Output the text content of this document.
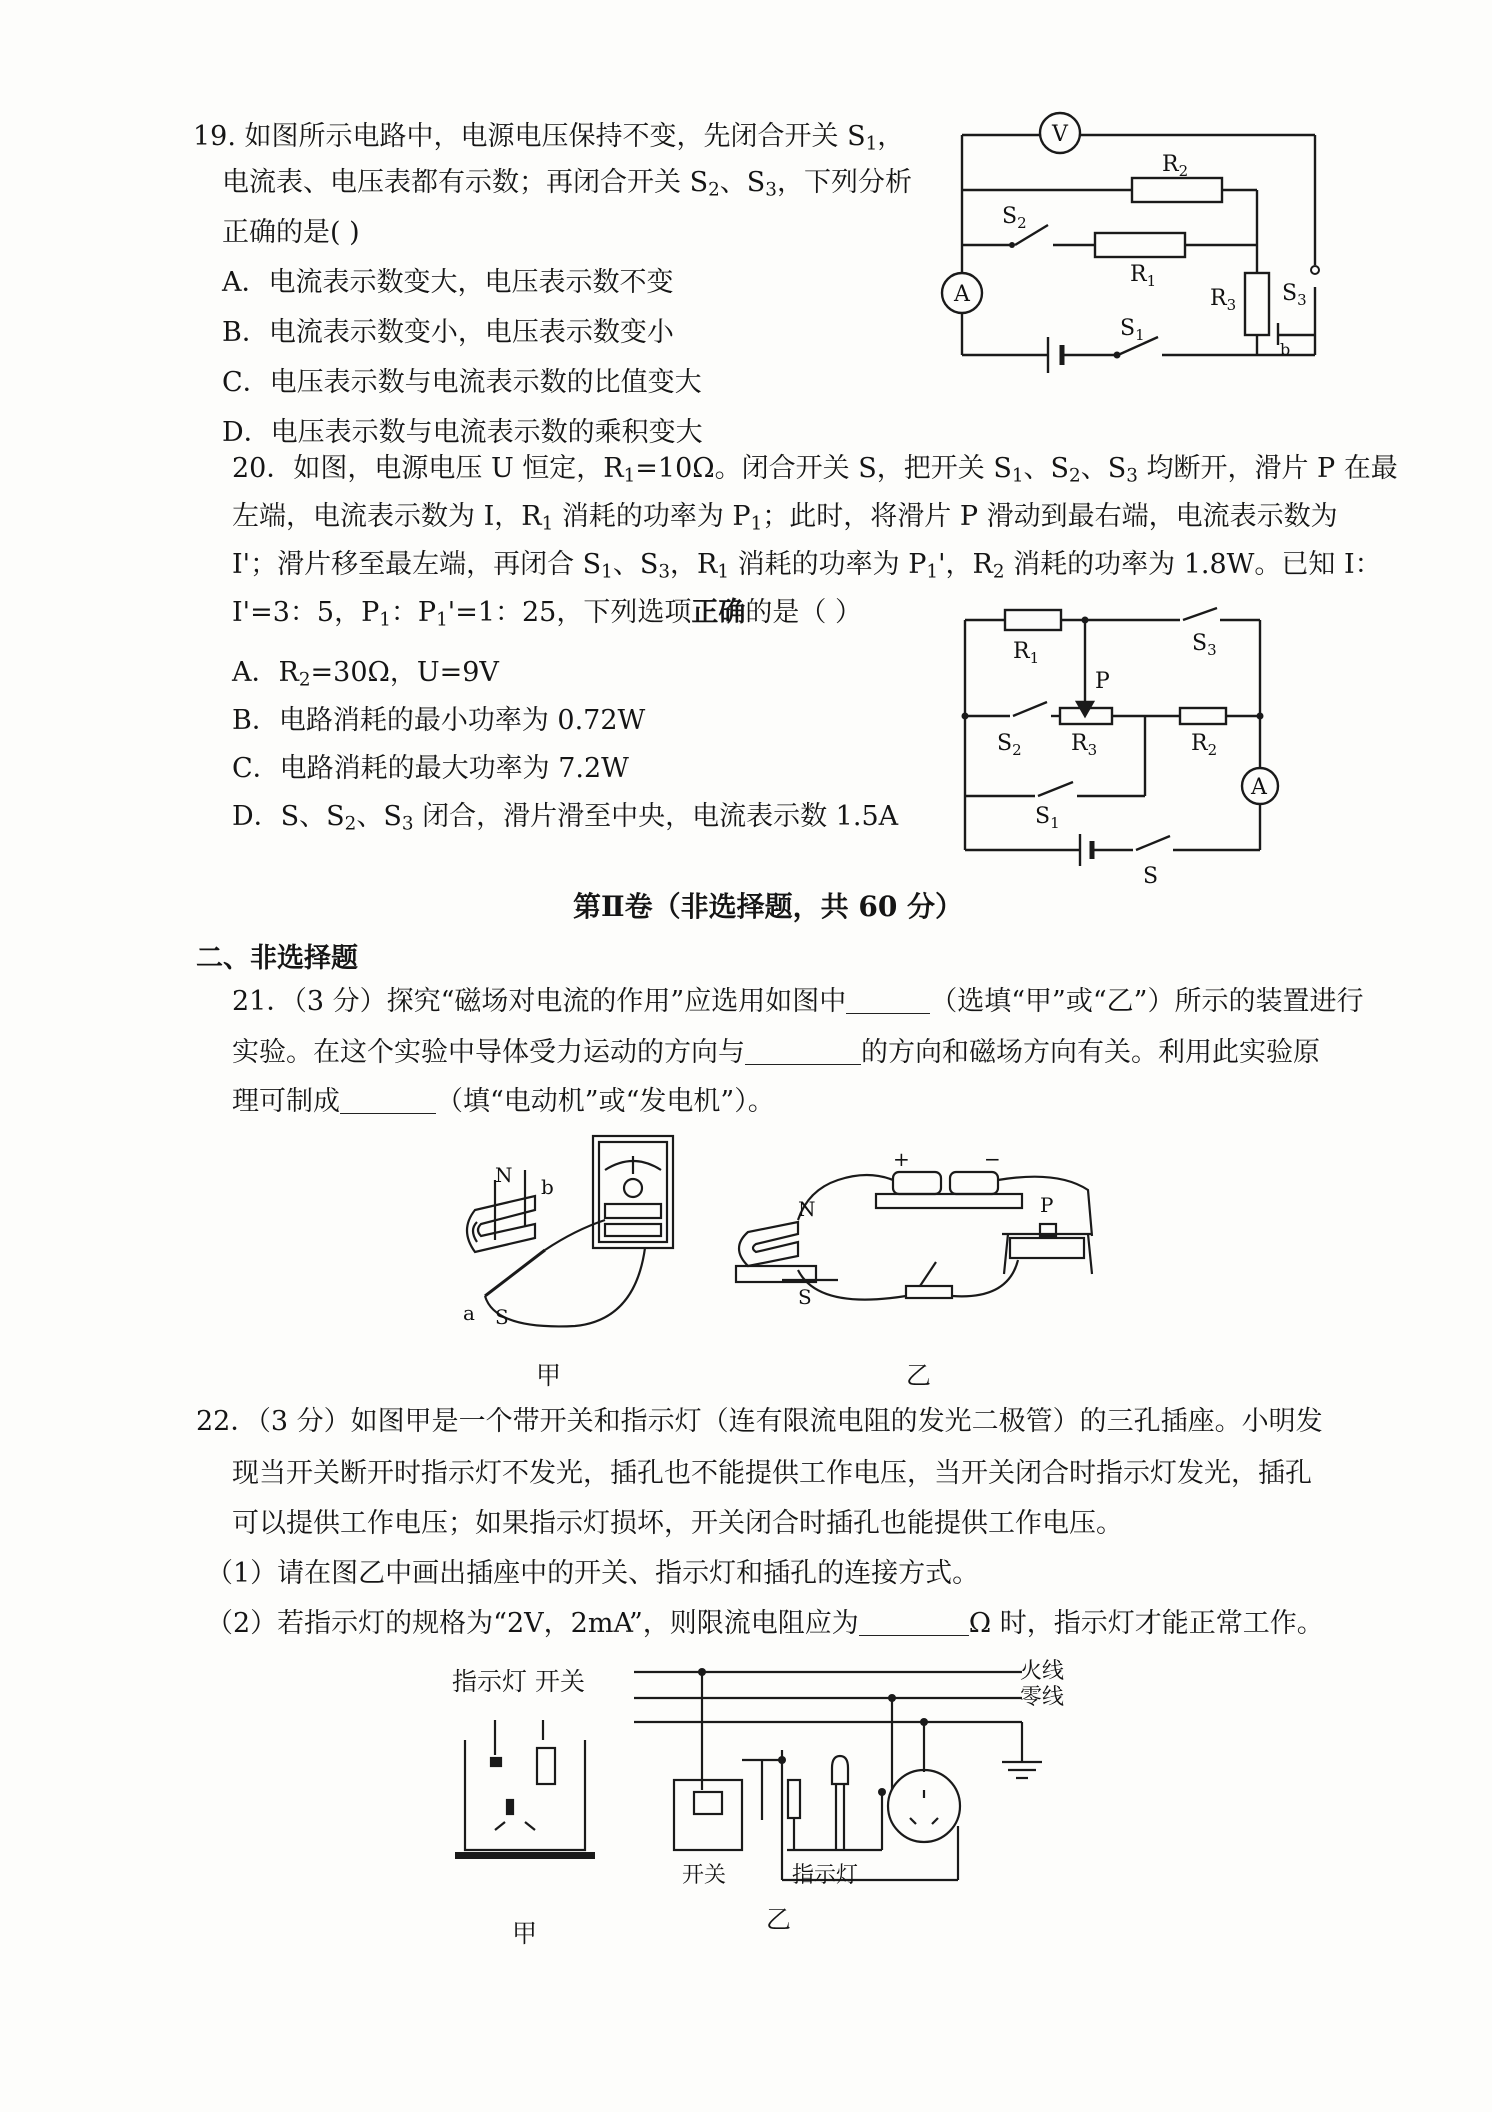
19. 如图所示电路中，电源电压保持不变，先闭合开关 $S_1$，
电流表、电压表都有示数；再闭合开关 $S_2$、$S_3$，下列分析
正确的是( )
A．电流表示数变大，电压表示数不变
B．电流表示数变小，电压表示数变小
C．电压表示数与电流表示数的比值变大
D．电压表示数与电流表示数的乘积变大
V
A
$R_2$
$S_2$
$R_1$
$R_3$ $S_3$
b
$S_1$
20．如图，电源电压 U 恒定，$R_1=10\Omega$。闭合开关 S，把开关 $S_1$、$S_2$、$S_3$ 均断开，滑片 P 在最
左端，电流表示数为 I，$R_1$ 消耗的功率为 $P_1$；此时，将滑片 P 滑动到最右端，电流表示数为
I'；滑片移至最左端，再闭合 $S_1$、$S_3$，$R_1$ 消耗的功率为 $P_1'$，$R_2$ 消耗的功率为 1.8W。已知 I：
I'=3：5，$P_1$：$P_1'=1$：25，下列选项正确的是（ ）
A．$R_2=30\Omega$，U=9V
B．电路消耗的最小功率为 0.72W
C．电路消耗的最大功率为 7.2W
D．S、$S_2$、$S_3$ 闭合，滑片滑至中央，电流表示数 1.5A
$R_1$
$S_3$
P
$S_2$ $R_3$	$R_2$
A
$S_1$
S
第Ⅱ卷（非选择题，共 60 分）
二、非选择题
21．（3 分）探究“磁场对电流的作用”应选用如图中	（选填“甲”或“乙”）所示的装置进行
实验。在这个实验中导体受力运动的方向与	的方向和磁场方向有关。利用此实验原
理可制成	（填“电动机”或“发电机”）。
N b
a S
甲
+	−
P
N
S
乙
22．（3 分）如图甲是一个带开关和指示灯（连有限流电阻的发光二极管）的三孔插座。小明发
现当开关断开时指示灯不发光，插孔也不能提供工作电压，当开关闭合时指示灯发光，插孔
可以提供工作电压；如果指示灯损坏，开关闭合时插孔也能提供工作电压。
（1）请在图乙中画出插座中的开关、指示灯和插孔的连接方式。
（2）若指示灯的规格为“2V，2mA”，则限流电阻应为	Ω 时，指示灯才能正常工作。
指示灯 开关
甲
开关	指示灯
火线
零线
乙
